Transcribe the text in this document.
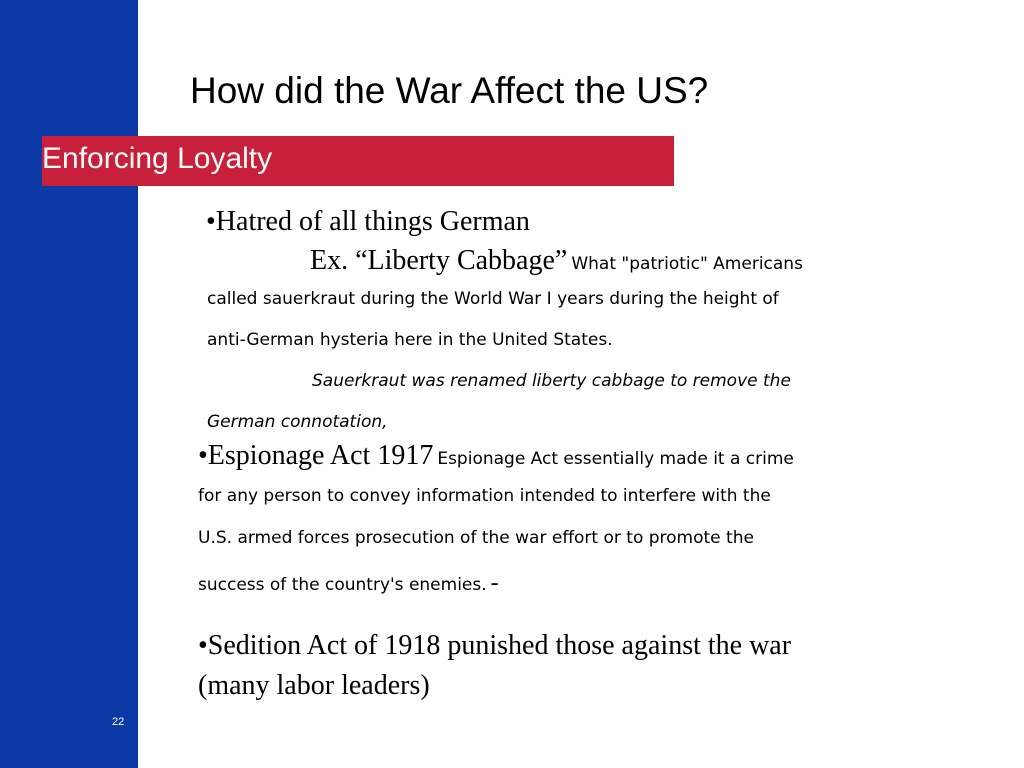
How did the War Affect the US?
Enforcing Loyalty
•Hatred of all things German
Ex. “Liberty Cabbage” What "patriotic" Americans
called sauerkraut during the World War I years during the height of
anti-German hysteria here in the United States.
Sauerkraut was renamed liberty cabbage to remove the
German connotation,
•Espionage Act 1917 Espionage Act essentially made it a crime
for any person to convey information intended to interfere with the
U.S. armed forces prosecution of the war effort or to promote the
success of the country's enemies. -
•Sedition Act of 1918 punished those against the war
(many labor leaders)
22
